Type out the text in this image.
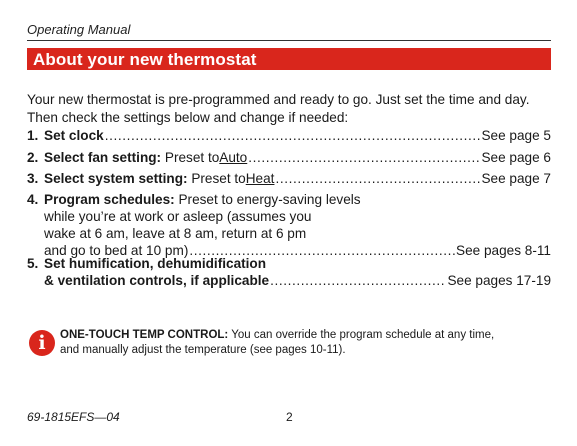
Operating Manual
About your new thermostat
Your new thermostat is pre-programmed and ready to go. Just set the time and day.
Then check the settings below and change if needed:
1. Set clock .....	See page 5
2. Select fan setting:
Preset to Auto .....	See page 6
3. Select system setting:
Preset to Heat .....	See page 7
4. Program schedules:
Preset to energy-saving levels
while you’re at work or asleep (assumes you
wake at 6 am, leave at 8 am, return at 6 pm
and go to bed at 10 pm) .....	See pages 8-11
5. Set humification, dehumidification
& ventilation controls, if applicable .....	See pages 17-19
i	ONE-TOUCH TEMP CONTROL: You can override the program schedule at any time,
and manually adjust the temperature (see pages 10-11).
69-1815EFS—04	2
